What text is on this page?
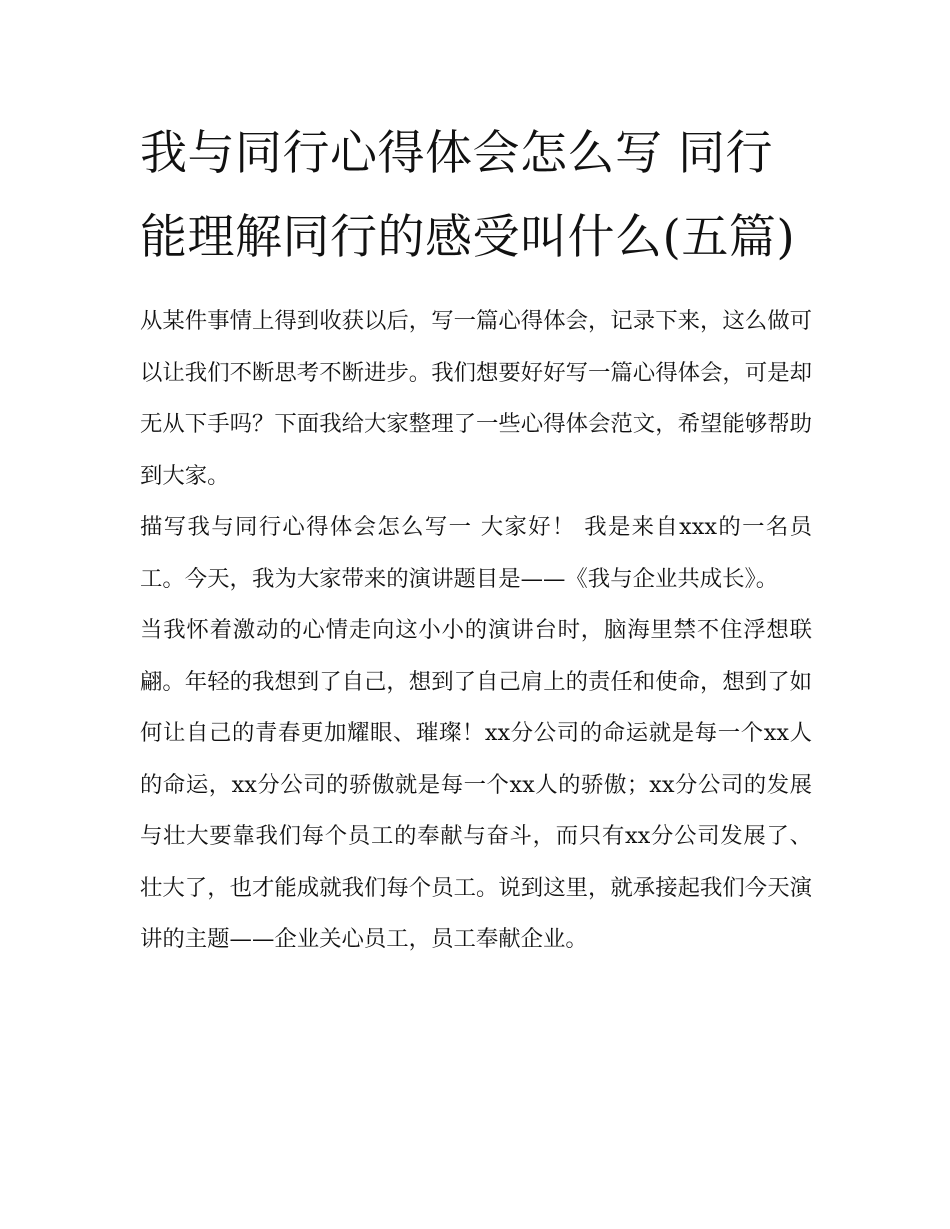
我与同行心得体会怎么写 同行能理解同行的感受叫什么(五篇)

从某件事情上得到收获以后，写一篇心得体会，记录下来，这么做可以让我们不断思考不断进步。我们想要好好写一篇心得体会，可是却无从下手吗？下面我给大家整理了一些心得体会范文，希望能够帮助到大家。

描写我与同行心得体会怎么写一 大家好！ 我是来自xxx的一名员工。今天，我为大家带来的演讲题目是——《我与企业共成长》。

当我怀着激动的心情走向这小小的演讲台时，脑海里禁不住浮想联翩。年轻的我想到了自己，想到了自己肩上的责任和使命，想到了如何让自己的青春更加耀眼、璀璨！xx分公司的命运就是每一个xx人的命运，xx分公司的骄傲就是每一个xx人的骄傲；xx分公司的发展与壮大要靠我们每个员工的奉献与奋斗，而只有xx分公司发展了、壮大了，也才能成就我们每个员工。说到这里，就承接起我们今天演讲的主题——企业关心员工，员工奉献企业。
